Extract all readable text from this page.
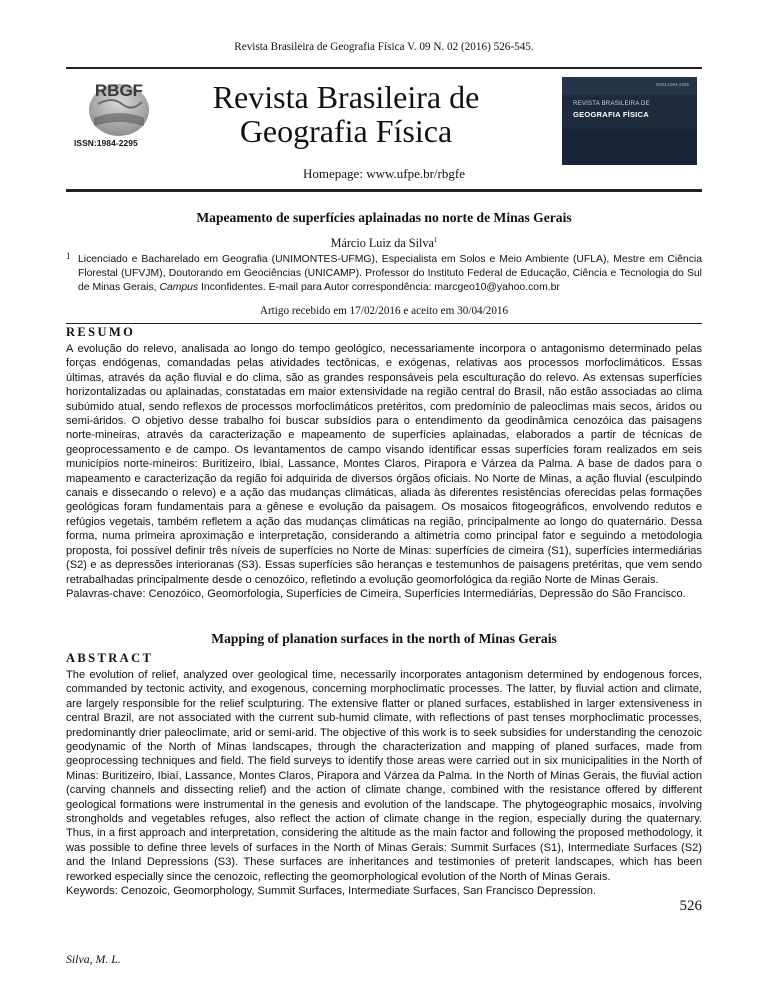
Revista Brasileira de Geografia Física V. 09 N. 02 (2016) 526-545.
RBGF
ISSN:1984-2295
Revista Brasileira de
Geografia Física
ISSN:1984-2295
REVISTA BRASILEIRA DE
GEOGRAFIA FÍSICA
Homepage: www.ufpe.br/rbgfe
Mapeamento de superfícies aplainadas no norte de Minas Gerais
Márcio Luiz da Silva$^1$
1 Licenciado e Bacharelado em Geografia (UNIMONTES-UFMG), Especialista em Solos e Meio Ambiente (UFLA), Mestre em Ciência Florestal (UFVJM), Doutorando em Geociências (UNICAMP). Professor do Instituto Federal de Educação, Ciência e Tecnologia do Sul de Minas Gerais, Campus Inconfidentes. E-mail para Autor correspondência: marcgeo10@yahoo.com.br
Artigo recebido em 17/02/2016 e aceito em 30/04/2016
RESUMO
A evolução do relevo, analisada ao longo do tempo geológico, necessariamente incorpora o antagonismo determinado pelas forças endógenas, comandadas pelas atividades tectônicas, e exógenas, relativas aos processos morfoclimáticos. Essas últimas, através da ação fluvial e do clima, são as grandes responsáveis pela esculturação do relevo. As extensas superfícies horizontalizadas ou aplainadas, constatadas em maior extensividade na região central do Brasil, não estão associadas ao clima subúmido atual, sendo reflexos de processos morfoclimáticos pretéritos, com predomínio de paleoclimas mais secos, áridos ou semi-áridos. O objetivo desse trabalho foi buscar subsídios para o entendimento da geodinâmica cenozóica das paisagens norte-mineiras, através da caracterização e mapeamento de superfícies aplainadas, elaborados a partir de técnicas de geoprocessamento e de campo. Os levantamentos de campo visando identificar essas superfícies foram realizados em seis municípios norte-mineiros: Buritizeiro, Ibiaí, Lassance, Montes Claros, Pirapora e Várzea da Palma. A base de dados para o mapeamento e caracterização da região foi adquirida de diversos órgãos oficiais. No Norte de Minas, a ação fluvial (esculpindo canais e dissecando o relevo) e a ação das mudanças climáticas, aliada às diferentes resistências oferecidas pelas formações geológicas foram fundamentais para a gênese e evolução da paisagem. Os mosaicos fitogeográficos, envolvendo redutos e refúgios vegetais, também refletem a ação das mudanças climáticas na região, principalmente ao longo do quaternário. Dessa forma, numa primeira aproximação e interpretação, considerando a altimetria como principal fator e seguindo a metodologia proposta, foi possível definir três níveis de superfícies no Norte de Minas: superfícies de cimeira (S1), superfícies intermediárias (S2) e as depressões interioranas (S3). Essas superfícies são heranças e testemunhos de paisagens pretéritas, que vem sendo retrabalhadas principalmente desde o cenozóico, refletindo a evolução geomorfológica da região Norte de Minas Gerais.
Palavras-chave: Cenozóico, Geomorfologia, Superfícies de Cimeira, Superfícies Intermediárias, Depressão do São Francisco.
Mapping of planation surfaces in the north of Minas Gerais
ABSTRACT
The evolution of relief, analyzed over geological time, necessarily incorporates antagonism determined by endogenous forces, commanded by tectonic activity, and exogenous, concerning morphoclimatic processes. The latter, by fluvial action and climate, are largely responsible for the relief sculpturing. The extensive flatter or planed surfaces, established in larger extensiveness in central Brazil, are not associated with the current sub-humid climate, with reflections of past tenses morphoclimatic processes, predominantly drier paleoclimate, arid or semi-arid. The objective of this work is to seek subsidies for understanding the cenozoic geodynamic of the North of Minas landscapes, through the characterization and mapping of planed surfaces, made from geoprocessing techniques and field. The field surveys to identify those areas were carried out in six municipalities in the North of Minas: Buritizeiro, Ibiaí, Lassance, Montes Claros, Pirapora and Várzea da Palma. In the North of Minas Gerais, the fluvial action (carving channels and dissecting relief) and the action of climate change, combined with the resistance offered by different geological formations were instrumental in the genesis and evolution of the landscape. The phytogeographic mosaics, involving strongholds and vegetables refuges, also reflect the action of climate change in the region, especially during the quaternary. Thus, in a first approach and interpretation, considering the altitude as the main factor and following the proposed methodology, it was possible to define three levels of surfaces in the North of Minas Gerais: Summit Surfaces (S1), Intermediate Surfaces (S2) and the Inland Depressions (S3). These surfaces are inheritances and testimonies of preterit landscapes, which has been reworked especially since the cenozoic, reflecting the geomorphological evolution of the North of Minas Gerais.
Keywords: Cenozoic, Geomorphology, Summit Surfaces, Intermediate Surfaces, San Francisco Depression.
526
Silva, M. L.
